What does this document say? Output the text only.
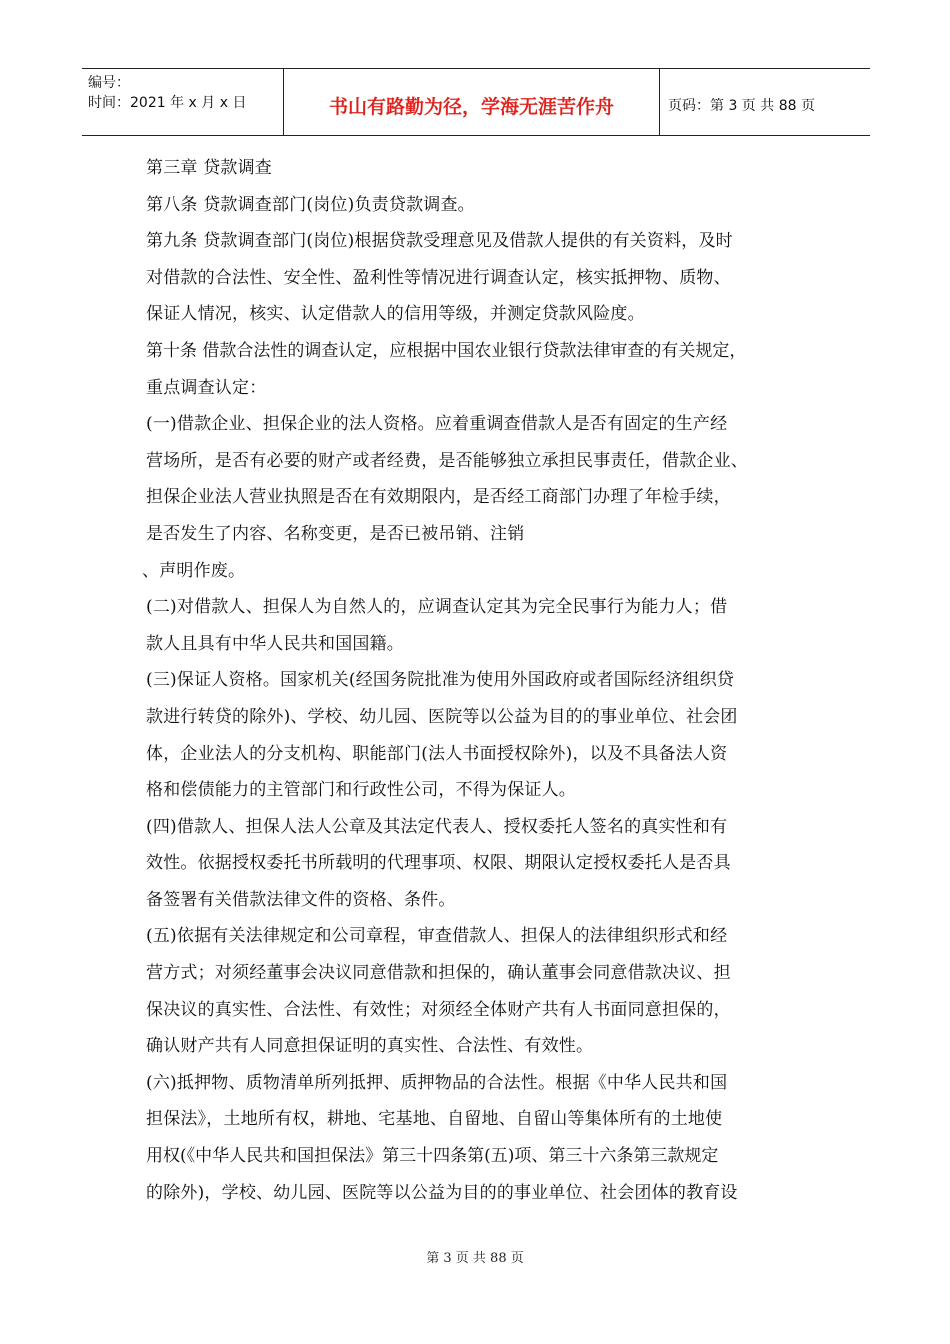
编号：
时间：2021 年 x 月 x 日	书山有路勤为径，学海无涯苦作舟	页码：第 3 页 共 88 页
第三章 贷款调查
第八条 贷款调查部门(岗位)负责贷款调查。
第九条 贷款调查部门(岗位)根据贷款受理意见及借款人提供的有关资料，及时
对借款的合法性、安全性、盈利性等情况进行调查认定，核实抵押物、质物、
保证人情况，核实、认定借款人的信用等级，并测定贷款风险度。
第十条 借款合法性的调查认定，应根据中国农业银行贷款法律审查的有关规定，
重点调查认定：
(一)借款企业、担保企业的法人资格。应着重调查借款人是否有固定的生产经
营场所，是否有必要的财产或者经费，是否能够独立承担民事责任，借款企业、
担保企业法人营业执照是否在有效期限内，是否经工商部门办理了年检手续，
是否发生了内容、名称变更，是否已被吊销、注销
、声明作废。
(二)对借款人、担保人为自然人的，应调查认定其为完全民事行为能力人；借
款人且具有中华人民共和国国籍。
(三)保证人资格。国家机关(经国务院批准为使用外国政府或者国际经济组织贷
款进行转贷的除外)、学校、幼儿园、医院等以公益为目的的事业单位、社会团
体，企业法人的分支机构、职能部门(法人书面授权除外)，以及不具备法人资
格和偿债能力的主管部门和行政性公司，不得为保证人。
(四)借款人、担保人法人公章及其法定代表人、授权委托人签名的真实性和有
效性。依据授权委托书所载明的代理事项、权限、期限认定授权委托人是否具
备签署有关借款法律文件的资格、条件。
(五)依据有关法律规定和公司章程，审查借款人、担保人的法律组织形式和经
营方式；对须经董事会决议同意借款和担保的，确认董事会同意借款决议、担
保决议的真实性、合法性、有效性；对须经全体财产共有人书面同意担保的，
确认财产共有人同意担保证明的真实性、合法性、有效性。
(六)抵押物、质物清单所列抵押、质押物品的合法性。根据《中华人民共和国
担保法》，土地所有权，耕地、宅基地、自留地、自留山等集体所有的土地使
用权(《中华人民共和国担保法》第三十四条第(五)项、第三十六条第三款规定
的除外)，学校、幼儿园、医院等以公益为目的的事业单位、社会团体的教育设
第 3 页 共 88 页
